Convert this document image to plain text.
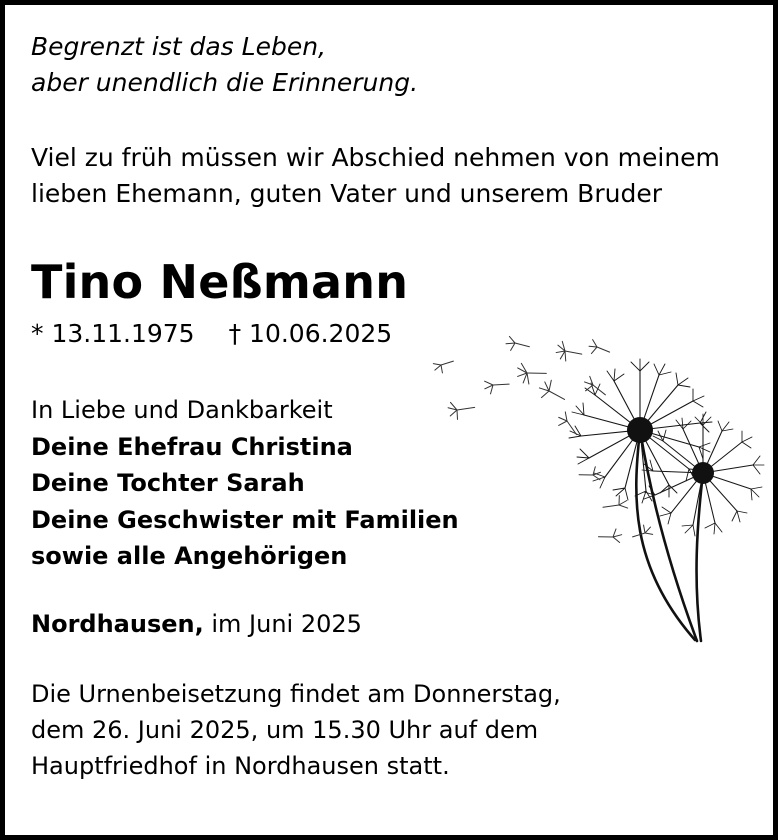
Begrenzt ist das Leben,
aber unendlich die Erinnerung.
Viel zu früh müssen wir Abschied nehmen von meinem
lieben Ehemann, guten Vater und unserem Bruder
Tino Neßmann
* 13.11.1975 † 10.06.2025
In Liebe und Dankbarkeit
Deine Ehefrau Christina
Deine Tochter Sarah
Deine Geschwister mit Familien
sowie alle Angehörigen
Nordhausen, im Juni 2025
Die Urnenbeisetzung findet am Donnerstag,
dem 26. Juni 2025, um 15.30 Uhr auf dem
Hauptfriedhof in Nordhausen statt.
